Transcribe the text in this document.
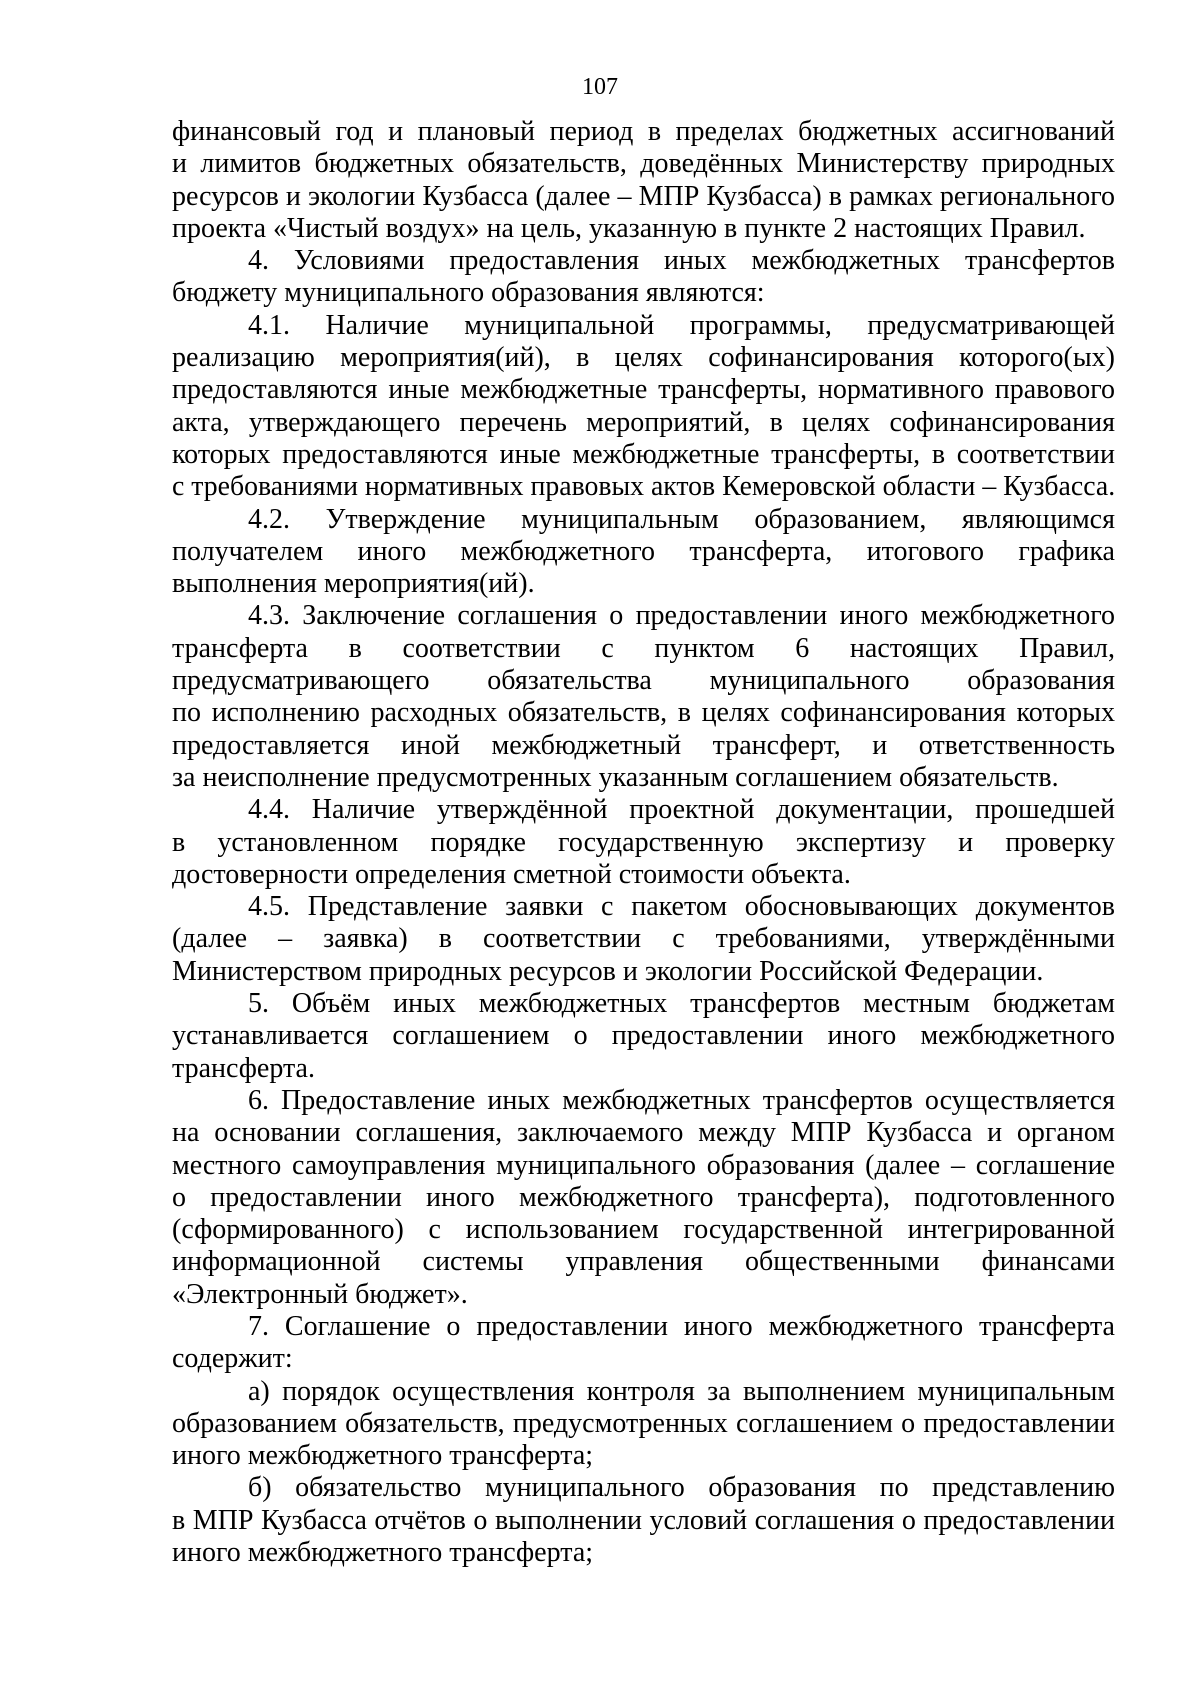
107
финансовый год и плановый период в пределах бюджетных ассигнований
и лимитов бюджетных обязательств, доведённых Министерству природных
ресурсов и экологии Кузбасса (далее – МПР Кузбасса) в рамках регионального
проекта «Чистый воздух» на цель, указанную в пункте 2 настоящих Правил.
4. Условиями предоставления иных межбюджетных трансфертов
бюджету муниципального образования являются:
4.1. Наличие муниципальной программы, предусматривающей
реализацию мероприятия(ий), в целях софинансирования которого(ых)
предоставляются иные межбюджетные трансферты, нормативного правового
акта, утверждающего перечень мероприятий, в целях софинансирования
которых предоставляются иные межбюджетные трансферты, в соответствии
с требованиями нормативных правовых актов Кемеровской области – Кузбасса.
4.2. Утверждение муниципальным образованием, являющимся
получателем иного межбюджетного трансферта, итогового графика
выполнения мероприятия(ий).
4.3. Заключение соглашения о предоставлении иного межбюджетного
трансферта в соответствии с пунктом 6 настоящих Правил,
предусматривающего обязательства муниципального образования
по исполнению расходных обязательств, в целях софинансирования которых
предоставляется иной межбюджетный трансферт, и ответственность
за неисполнение предусмотренных указанным соглашением обязательств.
4.4. Наличие утверждённой проектной документации, прошедшей
в установленном порядке государственную экспертизу и проверку
достоверности определения сметной стоимости объекта.
4.5. Представление заявки с пакетом обосновывающих документов
(далее – заявка) в соответствии с требованиями, утверждёнными
Министерством природных ресурсов и экологии Российской Федерации.
5. Объём иных межбюджетных трансфертов местным бюджетам
устанавливается соглашением о предоставлении иного межбюджетного
трансферта.
6. Предоставление иных межбюджетных трансфертов осуществляется
на основании соглашения, заключаемого между МПР Кузбасса и органом
местного самоуправления муниципального образования (далее – соглашение
о предоставлении иного межбюджетного трансферта), подготовленного
(сформированного) с использованием государственной интегрированной
информационной системы управления общественными финансами
«Электронный бюджет».
7. Соглашение о предоставлении иного межбюджетного трансферта
содержит:
а) порядок осуществления контроля за выполнением муниципальным
образованием обязательств, предусмотренных соглашением о предоставлении
иного межбюджетного трансферта;
б) обязательство муниципального образования по представлению
в МПР Кузбасса отчётов о выполнении условий соглашения о предоставлении
иного межбюджетного трансферта;
